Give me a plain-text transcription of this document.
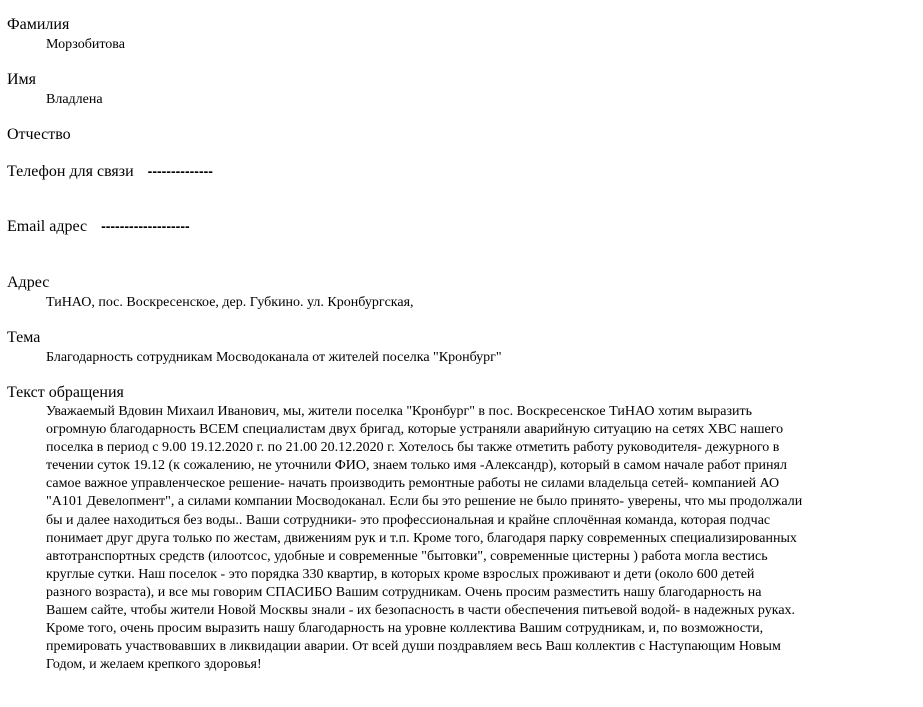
Фамилия
Морзобитова
Имя
Владлена
Отчество
Телефон для связи --------------
Email адрес -------------------
Адрес
ТиНАО, пос. Воскресенское, дер. Губкино. ул. Кронбургская,
Тема
Благодарность сотрудникам Мосводоканала от жителей поселка "Кронбург"
Текст обращения
Уважаемый Вдовин Михаил Иванович, мы, жители поселка "Кронбург" в пос. Воскресенское ТиНАО хотим выразить
огромную благодарность ВСЕМ специалистам двух бригад, которые устраняли аварийную ситуацию на сетях ХВС нашего
поселка в период с 9.00 19.12.2020 г. по 21.00 20.12.2020 г. Хотелось бы также отметить работу руководителя- дежурного в
течении суток 19.12 (к сожалению, не уточнили ФИО, знаем только имя -Александр), который в самом начале работ принял
самое важное управленческое решение- начать производить ремонтные работы не силами владельца сетей- компанией АО
"А101 Девелопмент", а силами компании Мосводоканал. Если бы это решение не было принято- уверены, что мы продолжали
бы и далее находиться без воды.. Ваши сотрудники- это профессиональная и крайне сплочённая команда, которая подчас
понимает друг друга только по жестам, движениям рук и т.п. Кроме того, благодаря парку современных специализированных
автотранспортных средств (илоотсос, удобные и современные "бытовки", современные цистерны ) работа могла вестись
круглые сутки. Наш поселок - это порядка 330 квартир, в которых кроме взрослых проживают и дети (около 600 детей
разного возраста), и все мы говорим СПАСИБО Вашим сотрудникам. Очень просим разместить нашу благодарность на
Вашем сайте, чтобы жители Новой Москвы знали - их безопасность в части обеспечения питьевой водой- в надежных руках.
Кроме того, очень просим выразить нашу благодарность на уровне коллектива Вашим сотрудникам, и, по возможности,
премировать участвовавших в ликвидации аварии. От всей души поздравляем весь Ваш коллектив с Наступающим Новым
Годом, и желаем крепкого здоровья!
